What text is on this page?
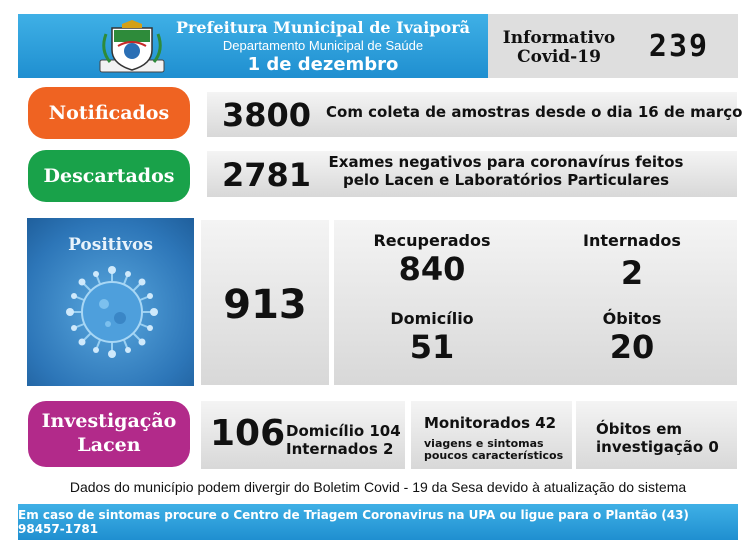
Prefeitura Municipal de Ivaiporã
Departamento Municipal de Saúde
1 de dezembro
Informativo
Covid-19	239
Notificados	3800 Com coleta de amostras desde o dia 16 de março
Descartados	2781 Exames negativos para coronavírus feitos
pelo Lacen e Laboratórios Particulares
Positivos
913
Recuperados
840
Internados
2
Domicílio
51
Óbitos
20
Investigação
Lacen 106 Domicílio 104
Internados 2
Monitorados 42
viagens e sintomas
poucos característicos
Óbitos em
investigação 0
Dados do município podem divergir do Boletim Covid - 19 da Sesa devido à atualização do sistema
Em caso de sintomas procure o Centro de Triagem Coronavirus na UPA ou ligue para o Plantão (43) 98457-1781
